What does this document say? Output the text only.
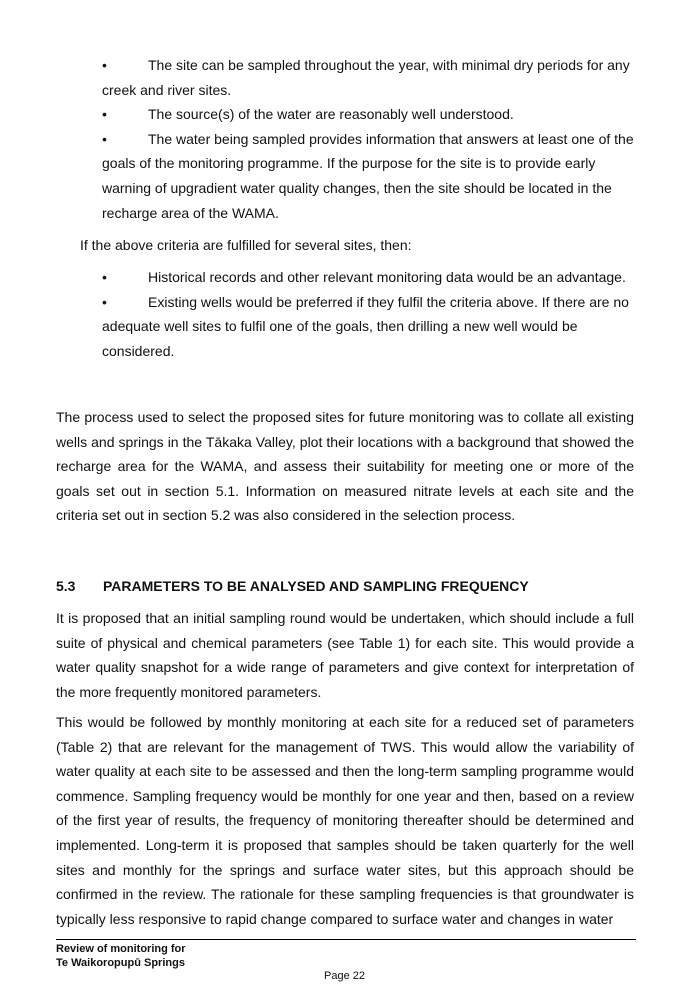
•	The site can be sampled throughout the year, with minimal dry periods for any creek and river sites.

•	The source(s) of the water are reasonably well understood.

•	The water being sampled provides information that answers at least one of the goals of the monitoring programme. If the purpose for the site is to provide early warning of upgradient water quality changes, then the site should be located in the recharge area of the WAMA.

If the above criteria are fulfilled for several sites, then:

•	Historical records and other relevant monitoring data would be an advantage.

•	Existing wells would be preferred if they fulfil the criteria above. If there are no adequate well sites to fulfil one of the goals, then drilling a new well would be considered.

The process used to select the proposed sites for future monitoring was to collate all existing wells and springs in the Tākaka Valley, plot their locations with a background that showed the recharge area for the WAMA, and assess their suitability for meeting one or more of the goals set out in section 5.1. Information on measured nitrate levels at each site and the criteria set out in section 5.2 was also considered in the selection process.

5.3 PARAMETERS TO BE ANALYSED AND SAMPLING FREQUENCY

It is proposed that an initial sampling round would be undertaken, which should include a full suite of physical and chemical parameters (see Table 1) for each site. This would provide a water quality snapshot for a wide range of parameters and give context for interpretation of the more frequently monitored parameters.

This would be followed by monthly monitoring at each site for a reduced set of parameters (Table 2) that are relevant for the management of TWS. This would allow the variability of water quality at each site to be assessed and then the long-term sampling programme would commence. Sampling frequency would be monthly for one year and then, based on a review of the first year of results, the frequency of monitoring thereafter should be determined and implemented. Long-term it is proposed that samples should be taken quarterly for the well sites and monthly for the springs and surface water sites, but this approach should be confirmed in the review. The rationale for these sampling frequencies is that groundwater is typically less responsive to rapid change compared to surface water and changes in water

Review of monitoring for
Te Waikoropupū Springs

Page 22
